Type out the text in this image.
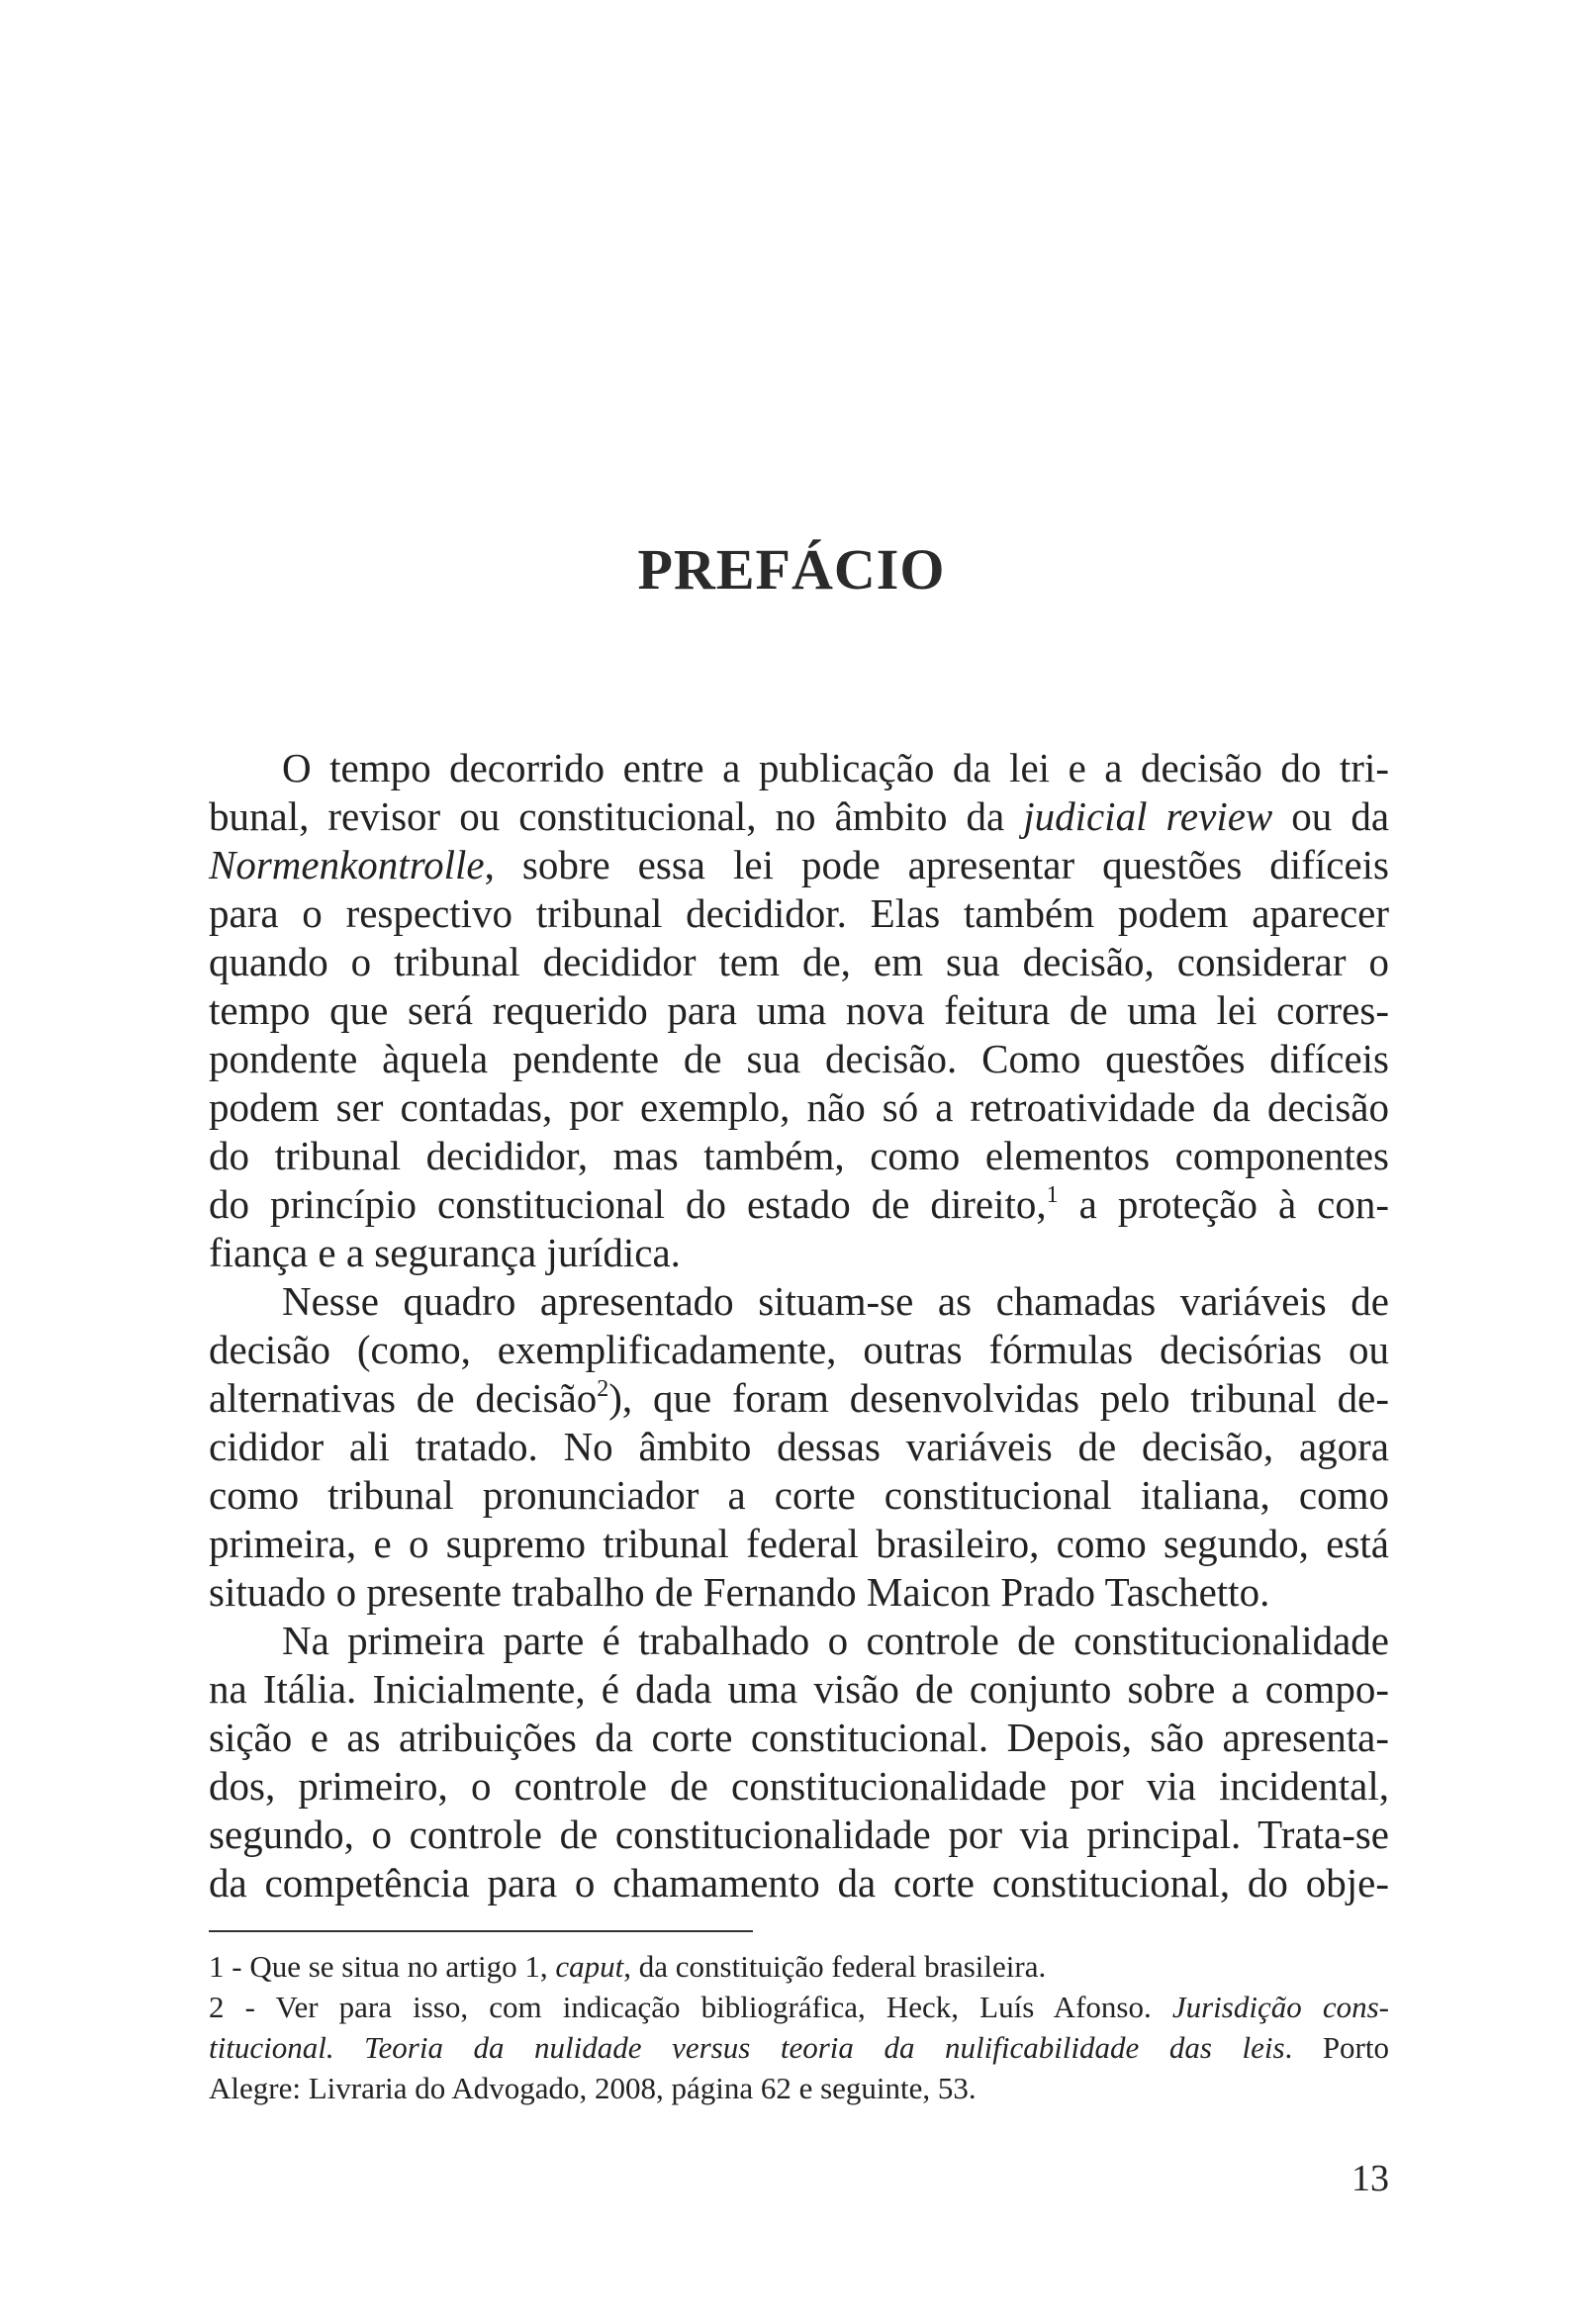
PREFÁCIO
O tempo decorrido entre a publicação da lei e a decisão do tri-
bunal, revisor ou constitucional, no âmbito da judicial review ou da
Normenkontrolle, sobre essa lei pode apresentar questões difíceis
para o respectivo tribunal decididor. Elas também podem aparecer
quando o tribunal decididor tem de, em sua decisão, considerar o
tempo que será requerido para uma nova feitura de uma lei corres-
pondente àquela pendente de sua decisão. Como questões difíceis
podem ser contadas, por exemplo, não só a retroatividade da decisão
do tribunal decididor, mas também, como elementos componentes
do princípio constitucional do estado de direito,$^1$ a proteção à con-
fiança e a segurança jurídica.
Nesse quadro apresentado situam-se as chamadas variáveis de
decisão (como, exemplificadamente, outras fórmulas decisórias ou
alternativas de decisão$^2$), que foram desenvolvidas pelo tribunal de-
cididor ali tratado. No âmbito dessas variáveis de decisão, agora
como tribunal pronunciador a corte constitucional italiana, como
primeira, e o supremo tribunal federal brasileiro, como segundo, está
situado o presente trabalho de Fernando Maicon Prado Taschetto.
Na primeira parte é trabalhado o controle de constitucionalidade
na Itália. Inicialmente, é dada uma visão de conjunto sobre a compo-
sição e as atribuições da corte constitucional. Depois, são apresenta-
dos, primeiro, o controle de constitucionalidade por via incidental,
segundo, o controle de constitucionalidade por via principal. Trata-se
da competência para o chamamento da corte constitucional, do obje-
1 - Que se situa no artigo 1, caput, da constituição federal brasileira.
2 - Ver para isso, com indicação bibliográfica, Heck, Luís Afonso. Jurisdição cons-
titucional. Teoria da nulidade versus teoria da nulificabilidade das leis. Porto
Alegre: Livraria do Advogado, 2008, página 62 e seguinte, 53.
13
